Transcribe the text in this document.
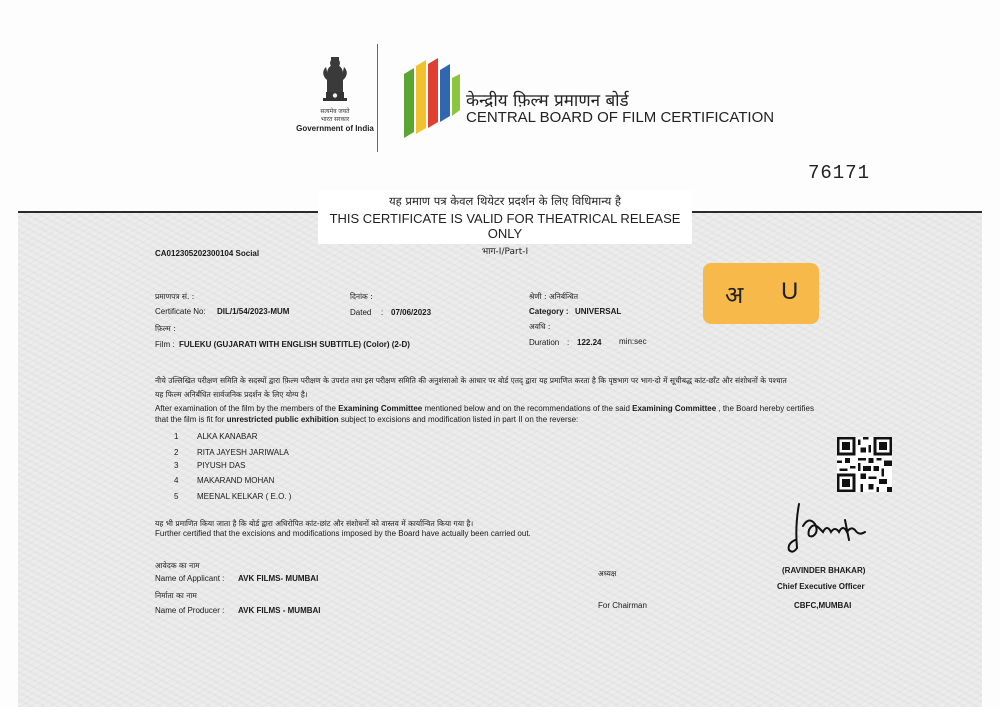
सत्यमेव जयते
भारत सरकार
Government of India
केन्द्रीय फ़िल्म प्रमाणन बोर्ड
CENTRAL BOARD OF FILM CERTIFICATION
76171
यह प्रमाण पत्र केवल थियेटर प्रदर्शन के लिए विधिमान्य है
THIS CERTIFICATE IS VALID FOR THEATRICAL RELEASE ONLY
भाग-I/Part-I
CA012305202300104 Social
प्रमाणपत्र सं. :
Certificate No: DIL/1/54/2023-MUM
दिनांक :
Dated : 07/06/2023
श्रेणी : अनिर्बन्धित
Category : UNIVERSAL
अ U
फ़िल्म :
Film : FULEKU (GUJARATI WITH ENGLISH SUBTITLE) (Color) (2-D)
अवधि :
Duration : 122.24 min:sec
नीचे उल्लिखित परीक्षण समिति के सदस्यों द्वारा फ़िल्म परीक्षण के उपरांत तथा इस परीक्षण समिति की अनुशंसाओ के आधार पर बोर्ड एतद् द्वारा यह प्रमाणित करता है कि पृष्ठभाग पर भाग-दो में सूचीबद्ध कांट-छाँट और संशोधनों के पश्चात
यह फिल्म अनिर्बंधित सार्वजनिक प्रदर्शन के लिए योग्य है।
After examination of the film by the members of the Examining Committee mentioned below and on the recommendations of the said Examining Committee , the Board hereby certifies
that the film is fit for unrestricted public exhibition subject to excisions and modification listed in part II on the reverse:
1 ALKA KANABAR
2 RITA JAYESH JARIWALA
3 PIYUSH DAS
4 MAKARAND MOHAN
5 MEENAL KELKAR ( E.O. )
यह भी प्रमाणित किया जाता है कि बोर्ड द्वारा अधिरोपित कांट-छांट और संशोधनों को वास्तव में कार्यान्वित किया गया है।
Further certified that the excisions and modifications imposed by the Board have actually been carried out.
आवेदक का नाम
Name of Applicant : AVK FILMS- MUMBAI
निर्माता का नाम
Name of Producer : AVK FILMS - MUMBAI
अध्यक्ष
For Chairman
(RAVINDER BHAKAR)
Chief Executive Officer
CBFC,MUMBAI
